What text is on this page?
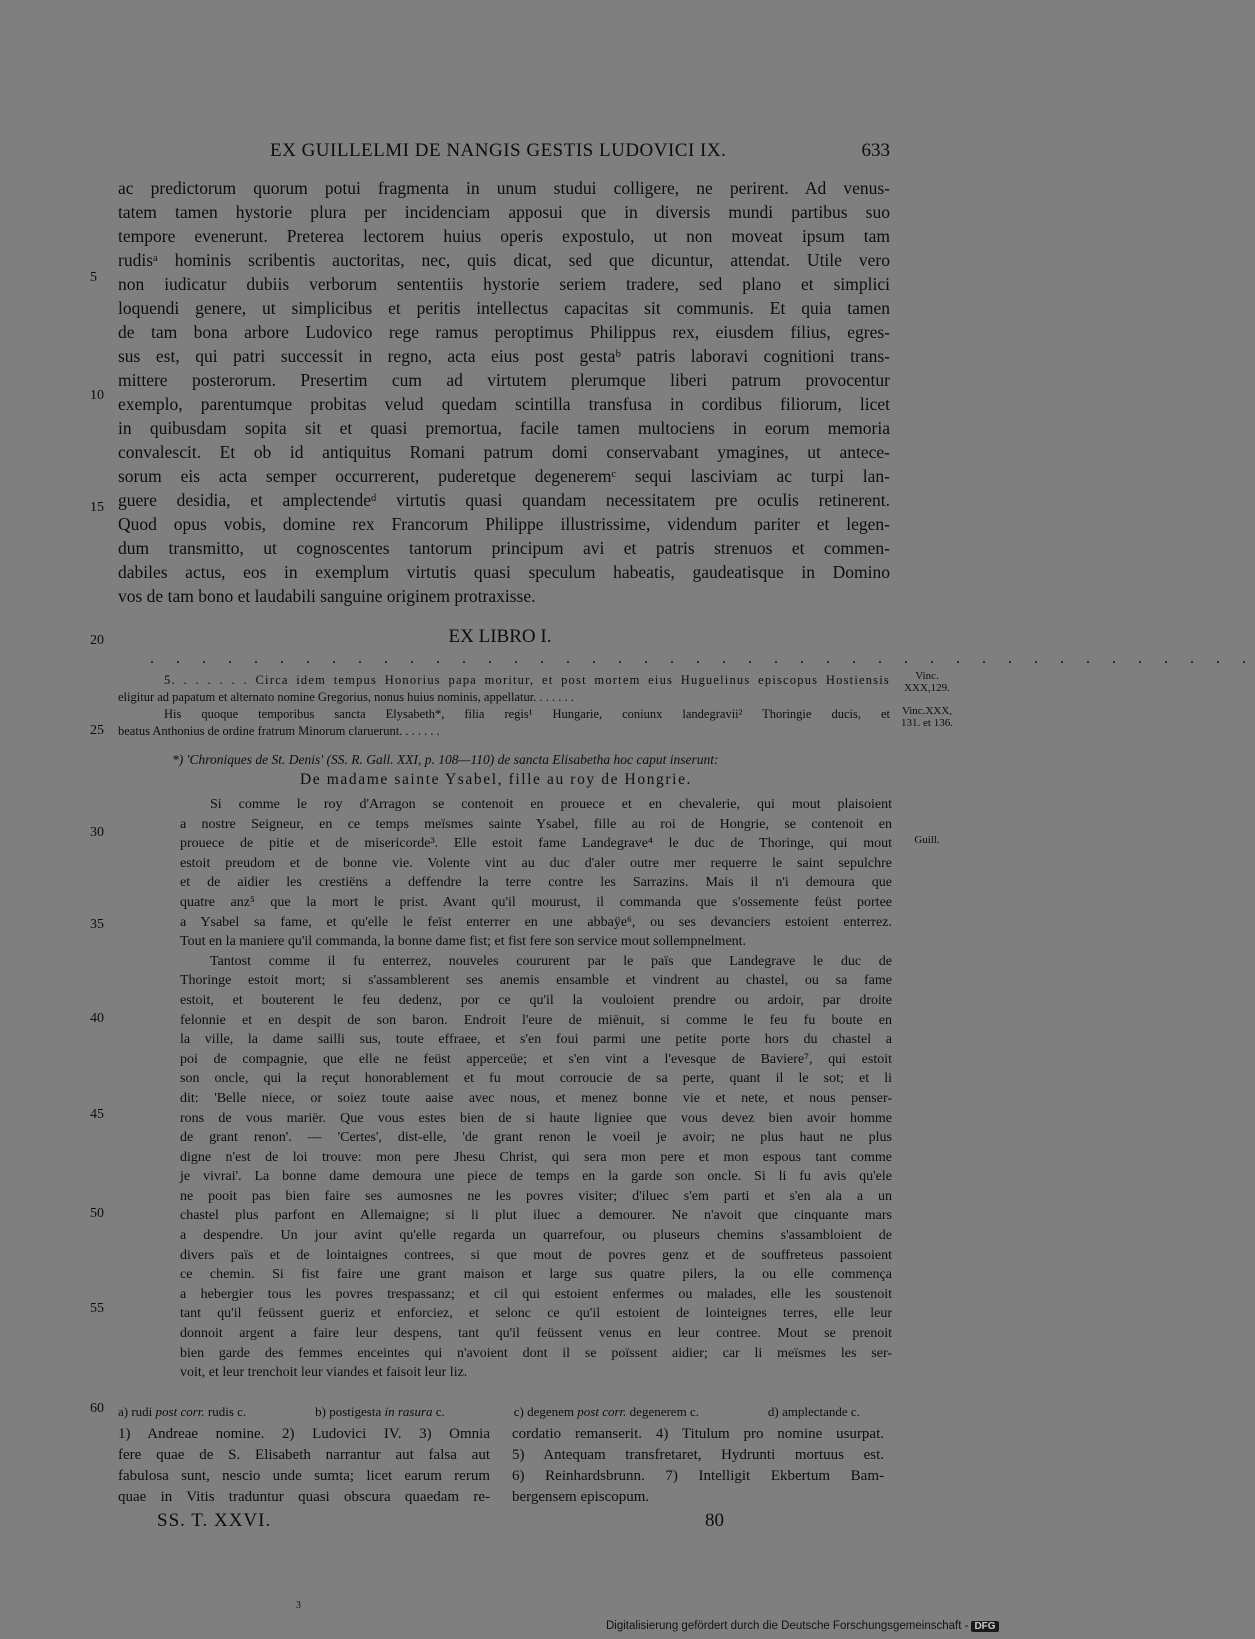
EX GUILLELMI DE NANGIS GESTIS LUDOVICI IX.	633
ac predictorum quorum potui fragmenta in unum studui colligere, ne perirent. Ad venus-
tatem tamen hystorie plura per incidenciam apposui que in diversis mundi partibus suo
tempore evenerunt. Preterea lectorem huius operis expostulo, ut non moveat ipsum tam
rudisᵃ hominis scribentis auctoritas, nec, quis dicat, sed que dicuntur, attendat. Utile vero
non iudicatur dubiis verborum sententiis hystorie seriem tradere, sed plano et simplici
loquendi genere, ut simplicibus et peritis intellectus capacitas sit communis. Et quia tamen
de tam bona arbore Ludovico rege ramus peroptimus Philippus rex, eiusdem filius, egres-
sus est, qui patri successit in regno, acta eius post gestaᵇ patris laboravi cognitioni trans-
mittere posterorum. Presertim cum ad virtutem plerumque liberi patrum provocentur
exemplo, parentumque probitas velud quedam scintilla transfusa in cordibus filiorum, licet
in quibusdam sopita sit et quasi premortua, facile tamen multociens in eorum memoria
convalescit. Et ob id antiquitus Romani patrum domi conservabant ymagines, ut antece-
sorum eis acta semper occurrerent, puderetque degeneremᶜ sequi lasciviam ac turpi lan-
guere desidia, et amplectendeᵈ virtutis quasi quandam necessitatem pre oculis retinerent.
Quod opus vobis, domine rex Francorum Philippe illustrissime, videndum pariter et legen-
dum transmitto, ut cognoscentes tantorum principum avi et patris strenuos et commen-
dabiles actus, eos in exemplum virtutis quasi speculum habeatis, gaudeatisque in Domino
vos de tam bono et laudabili sanguine originem protraxisse.
5
10
15
20
25
30
35
40
45
50
55
60
EX LIBRO I.
. . . . . . . . . . . . . . . . . . . . . . . . . . . . . . . . . . . . . . . . . . .
5. . . . . . . Circa idem tempus Honorius papa moritur, et post mortem eius Huguelinus episcopus Hostiensis
eligitur ad papatum et alternato nomine Gregorius, nonus huius nominis, appellatur. . . . . . .
His quoque temporibus sancta Elysabeth*, filia regis¹ Hungarie, coniunx landegravii² Thoringie ducis, et
beatus Anthonius de ordine fratrum Minorum claruerunt. . . . . . .
Vinc.
XXX,129.
Vinc.XXX,
131. et 136.
Guill.
*) 'Chroniques de St. Denis' (SS. R. Gall. XXI, p. 108—110) de sancta Elisabetha hoc caput inserunt:
De madame sainte Ysabel, fille au roy de Hongrie.
Si comme le roy d'Arragon se contenoit en prouece et en chevalerie, qui mout plaisoient
a nostre Seigneur, en ce temps meïsmes sainte Ysabel, fille au roi de Hongrie, se contenoit en
prouece de pitie et de misericorde³. Elle estoit fame Landegrave⁴ le duc de Thoringe, qui mout
estoit preudom et de bonne vie. Volente vint au duc d'aler outre mer requerre le saint sepulchre
et de aidier les crestiëns a deffendre la terre contre les Sarrazins. Mais il n'i demoura que
quatre anz⁵ que la mort le prist. Avant qu'il mourust, il commanda que s'ossemente feüst portee
a Ysabel sa fame, et qu'elle le feïst enterrer en une abbaÿe⁶, ou ses devanciers estoient enterrez.
Tout en la maniere qu'il commanda, la bonne dame fist; et fist fere son service mout sollempnelment.
Tantost comme il fu enterrez, nouveles coururent par le païs que Landegrave le duc de
Thoringe estoit mort; si s'assamblerent ses anemis ensamble et vindrent au chastel, ou sa fame
estoit, et bouterent le feu dedenz, por ce qu'il la vouloient prendre ou ardoir, par droite
felonnie et en despit de son baron. Endroit l'eure de miënuit, si comme le feu fu boute en
la ville, la dame sailli sus, toute effraee, et s'en foui parmi une petite porte hors du chastel a
poi de compagnie, que elle ne feüst apperceüe; et s'en vint a l'evesque de Baviere⁷, qui estoit
son oncle, qui la reçut honorablement et fu mout corroucie de sa perte, quant il le sot; et li
dit: 'Belle niece, or soiez toute aaise avec nous, et menez bonne vie et nete, et nous penser-
rons de vous mariër. Que vous estes bien de si haute ligniee que vous devez bien avoir homme
de grant renon'. — 'Certes', dist-elle, 'de grant renon le voeil je avoir; ne plus haut ne plus
digne n'est de loi trouve: mon pere Jhesu Christ, qui sera mon pere et mon espous tant comme
je vivrai'. La bonne dame demoura une piece de temps en la garde son oncle. Si li fu avis qu'ele
ne pooit pas bien faire ses aumosnes ne les povres visiter; d'iluec s'em parti et s'en ala a un
chastel plus parfont en Allemaigne; si li plut iluec a demourer. Ne n'avoit que cinquante mars
a despendre. Un jour avint qu'elle regarda un quarrefour, ou pluseurs chemins s'assambloient de
divers païs et de lointaignes contrees, si que mout de povres genz et de souffreteus passoient
ce chemin. Si fist faire une grant maison et large sus quatre pilers, la ou elle commença
a hebergier tous les povres trespassanz; et cil qui estoient enfermes ou malades, elle les soustenoit
tant qu'il feüssent gueriz et enforciez, et selonc ce qu'il estoient de lointeignes terres, elle leur
donnoit argent a faire leur despens, tant qu'il feüssent venus en leur contree. Mout se prenoit
bien garde des femmes enceintes qui n'avoient dont il se poïssent aidier; car li meïsmes les ser-
voit, et leur trenchoit leur viandes et faisoit leur liz.
a) rudi post corr. rudis c.	b) postigesta in rasura c.	c) degenem post corr. degenerem c.	d) amplectande c.
1) Andreae nomine. 2) Ludovici IV. 3) Omnia
fere quae de S. Elisabeth narrantur aut falsa aut
fabulosa sunt, nescio unde sumta; licet earum rerum
quae in Vitis traduntur quasi obscura quaedam re-
cordatio remanserit. 4) Titulum pro nomine usurpat.
5) Antequam transfretaret, Hydrunti mortuus est.
6) Reinhardsbrunn. 7) Intelligit Ekbertum Bam-
bergensem episcopum.
SS. T. XXVI.	80
3
Digitalisierung gefördert durch die Deutsche Forschungsgemeinschaft - DFG
